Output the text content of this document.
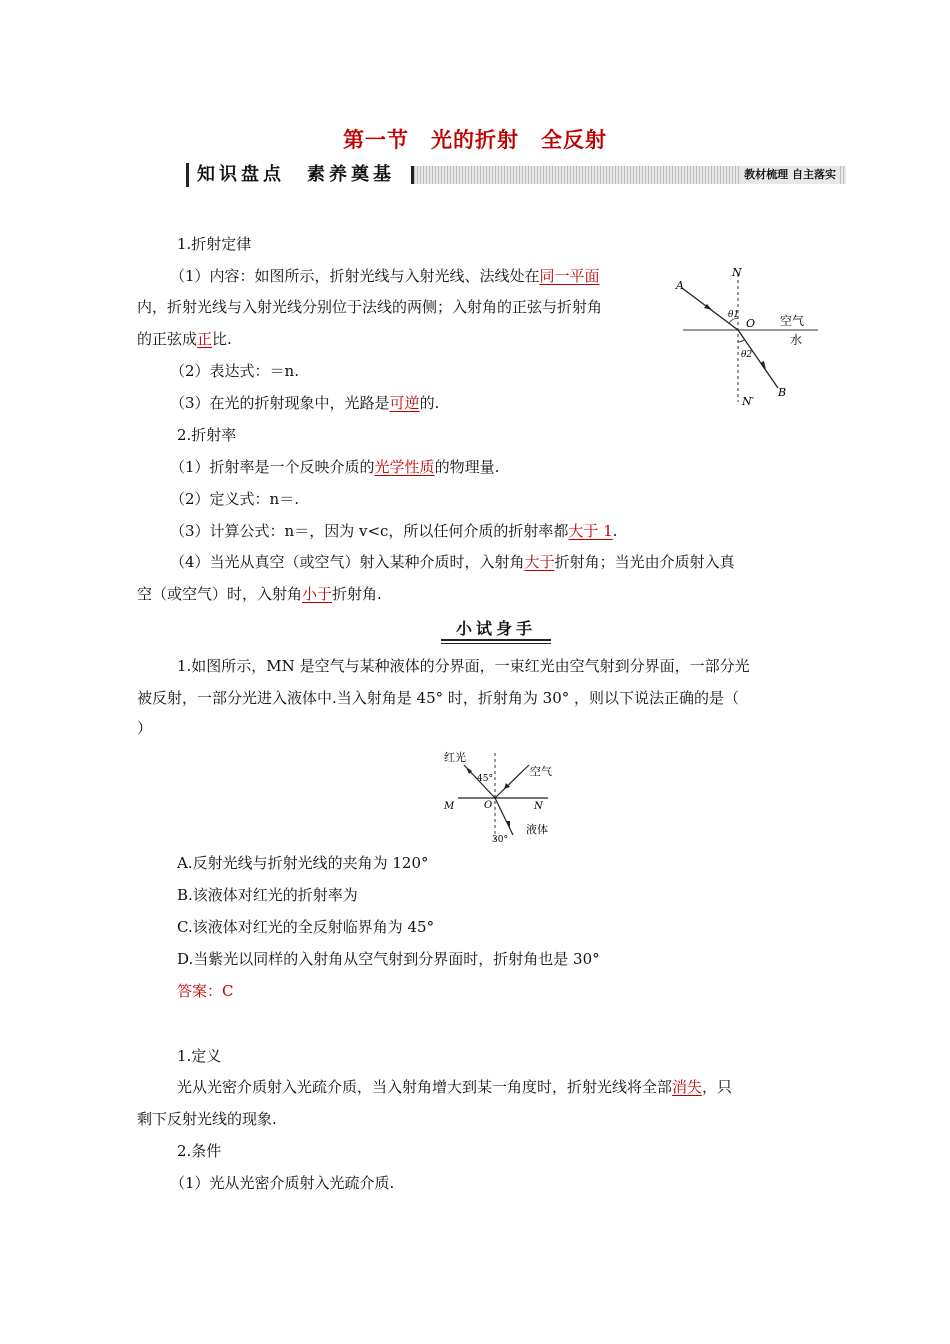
第一节　光的折射　全反射
知识盘点　素养奠基	教材梳理 自主落实
1.折射定律
（1）内容：如图所示，折射光线与入射光线、法线处在同一平面
内，折射光线与入射光线分别位于法线的两侧；入射角的正弦与折射角
的正弦成正比.
（2）表达式：＝n.
（3）在光的折射现象中，光路是可逆的.
2.折射率
（1）折射率是一个反映介质的光学性质的物理量.
（2）定义式：n＝.
（3）计算公式：n＝，因为 v<c，所以任何介质的折射率都大于 1.
（4）当光从真空（或空气）射入某种介质时，入射角大于折射角；当光由介质射入真
空（或空气）时，入射角小于折射角.
N
A
θ1
O 空气
水
θ2
B
N′
小试身手
1.如图所示，MN 是空气与某种液体的分界面，一束红光由空气射到分界面，一部分光
被反射，一部分光进入液体中.当入射角是 45° 时，折射角为 30° ，则以下说法正确的是（
）
红光
45°
空气
M	O	N
30°
液体
A.反射光线与折射光线的夹角为 120°
B.该液体对红光的折射率为
C.该液体对红光的全反射临界角为 45°
D.当紫光以同样的入射角从空气射到分界面时，折射角也是 30°
答案：C
1.定义
光从光密介质射入光疏介质，当入射角增大到某一角度时，折射光线将全部消失，只
剩下反射光线的现象.
2.条件
（1）光从光密介质射入光疏介质.
